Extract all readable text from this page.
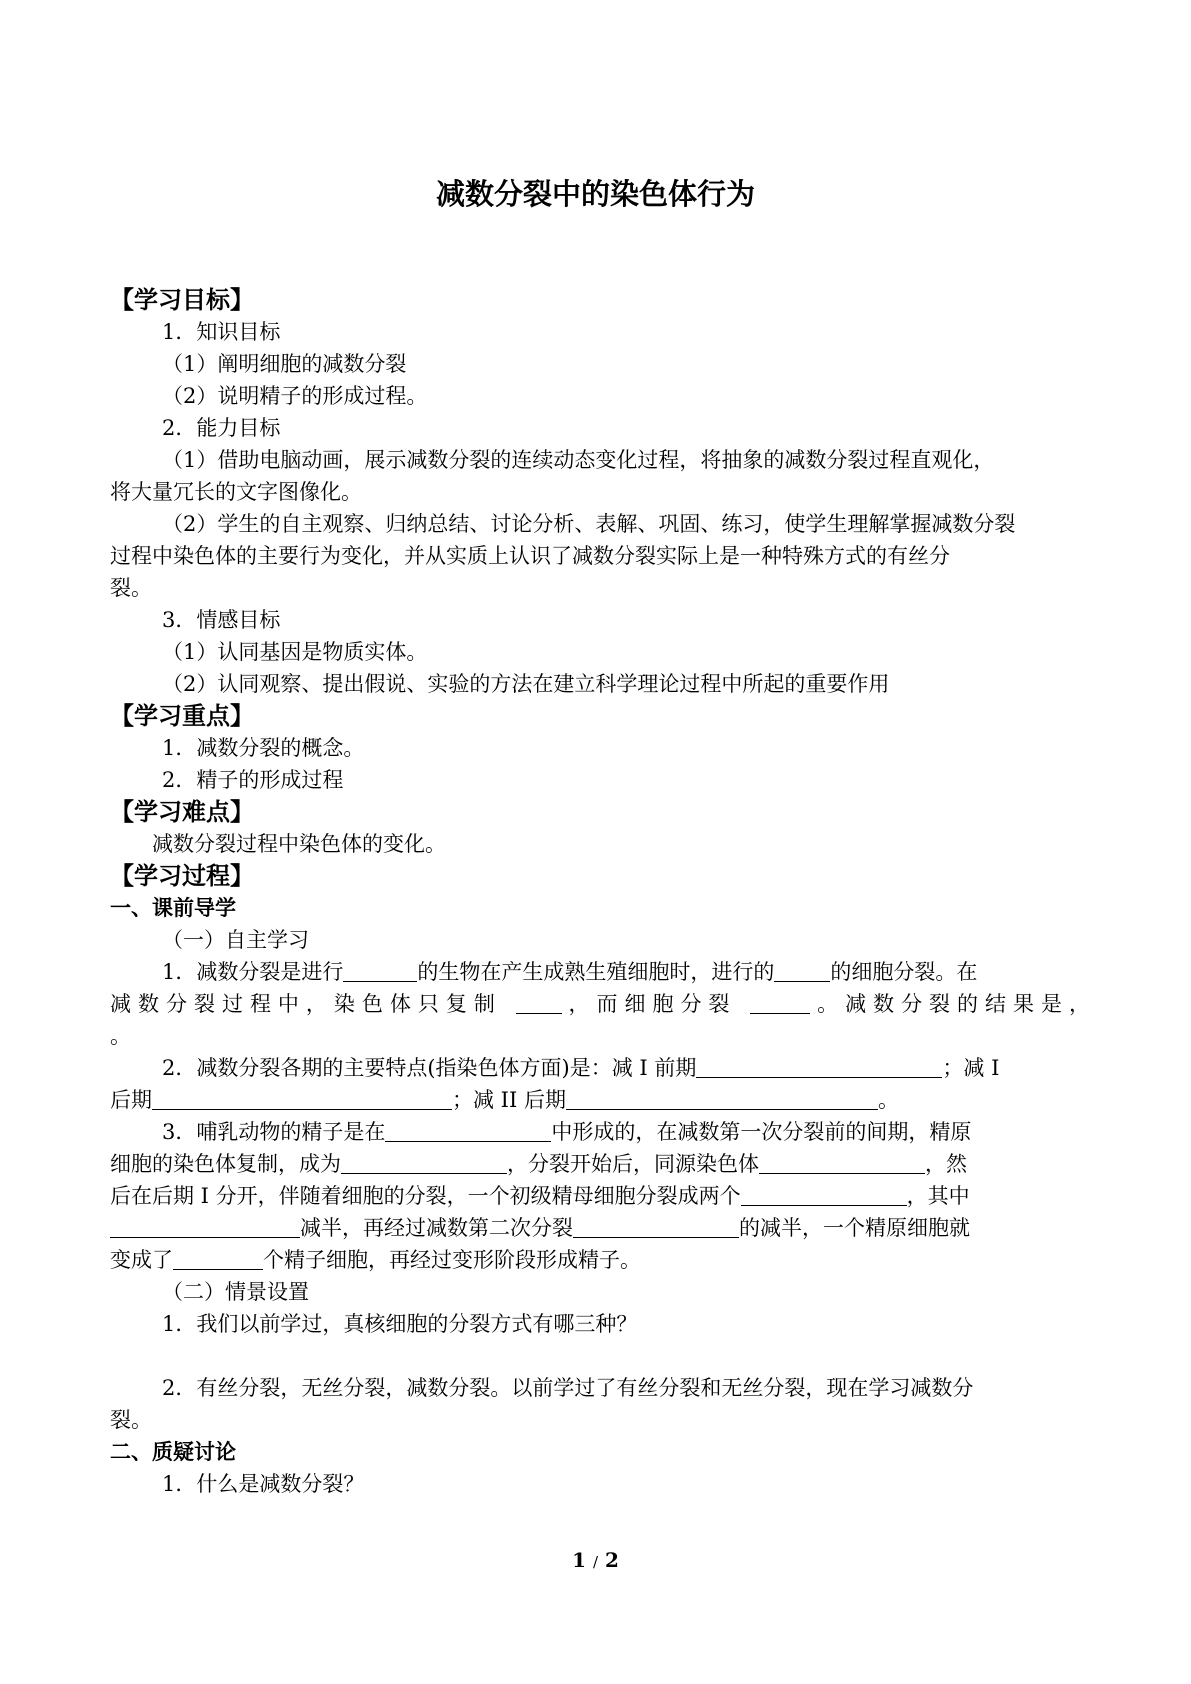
减数分裂中的染色体行为
【学习目标】
1．知识目标
（1）阐明细胞的减数分裂
（2）说明精子的形成过程。
2．能力目标
（1）借助电脑动画，展示减数分裂的连续动态变化过程，将抽象的减数分裂过程直观化，
将大量冗长的文字图像化。
（2）学生的自主观察、归纳总结、讨论分析、表解、巩固、练习，使学生理解掌握减数分裂
过程中染色体的主要行为变化，并从实质上认识了减数分裂实际上是一种特殊方式的有丝分
裂。
3．情感目标
（1）认同基因是物质实体。
（2）认同观察、提出假说、实验的方法在建立科学理论过程中所起的重要作用
【学习重点】
1．减数分裂的概念。
2．精子的形成过程
【学习难点】
减数分裂过程中染色体的变化。
【学习过程】
一、课前导学
（一）自主学习
1．减数分裂是进行	的生物在产生成熟生殖细胞时，进行的	的细胞分裂。在
减数分裂过程中，染色体只复制	，而细胞分裂	。减数分裂的结果是，
。
2．减数分裂各期的主要特点(指染色体方面)是：减 I 前期	；减 I
后期	；减 II 后期	。
3．哺乳动物的精子是在	中形成的，在减数第一次分裂前的间期，精原
细胞的染色体复制，成为	，分裂开始后，同源染色体	，然
后在后期 I 分开，伴随着细胞的分裂，一个初级精母细胞分裂成两个	，其中
减半，再经过减数第二次分裂	的减半，一个精原细胞就
变成了	个精子细胞，再经过变形阶段形成精子。
（二）情景设置
1．我们以前学过，真核细胞的分裂方式有哪三种？
2．有丝分裂，无丝分裂，减数分裂。以前学过了有丝分裂和无丝分裂，现在学习减数分
裂。
二、质疑讨论
1．什么是减数分裂？
1 / 2
